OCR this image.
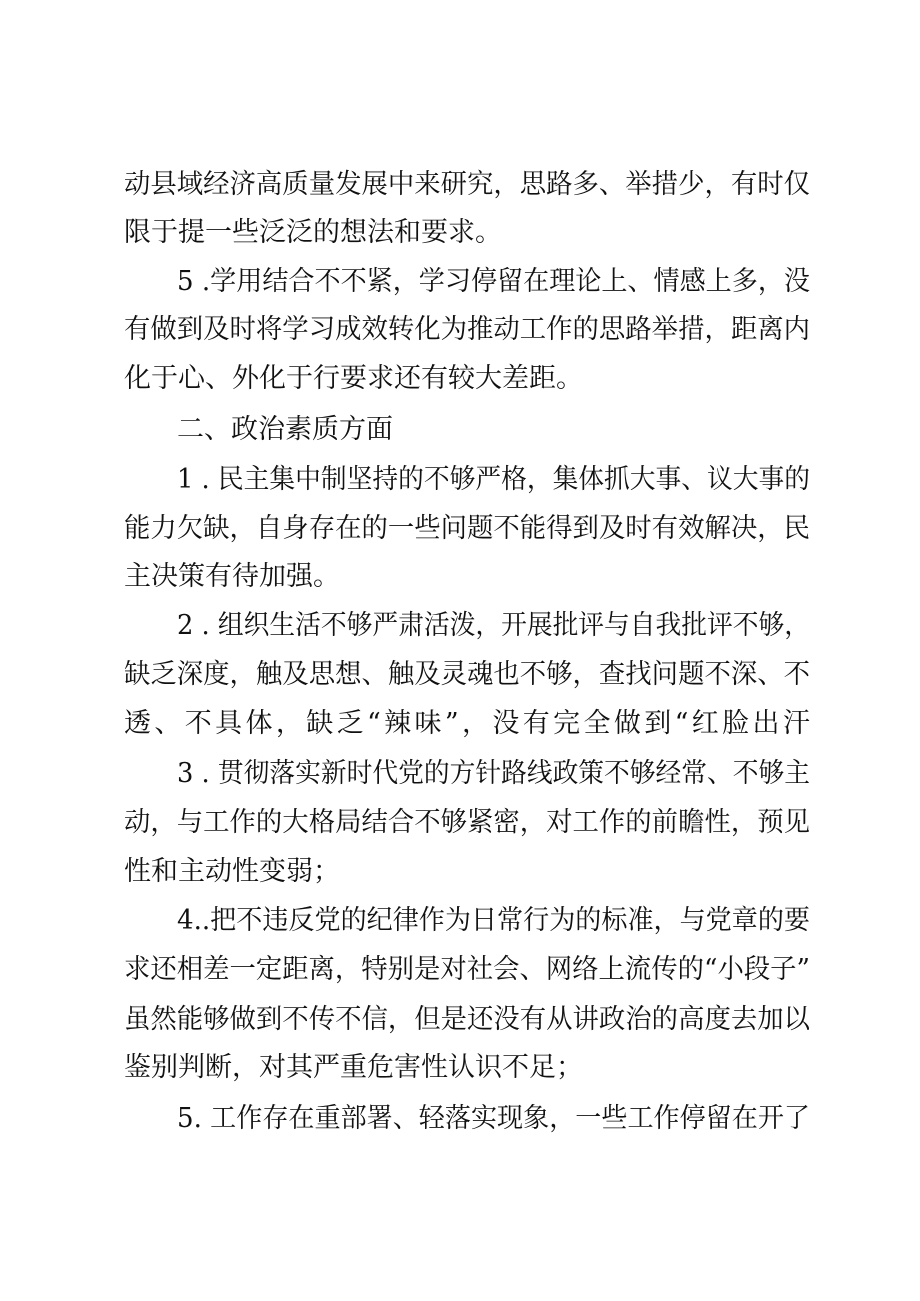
动县域经济高质量发展中来研究，思路多、举措少，有时仅

限于提一些泛泛的想法和要求。

5 .学用结合不不紧，学习停留在理论上、情感上多，没

有做到及时将学习成效转化为推动工作的思路举措，距离内

化于心、外化于行要求还有较大差距。

二、政治素质方面

1 . 民主集中制坚持的不够严格，集体抓大事、议大事的

能力欠缺，自身存在的一些问题不能得到及时有效解决，民

主决策有待加强。

2 . 组织生活不够严肃活泼，开展批评与自我批评不够，

缺乏深度，触及思想、触及灵魂也不够，查找问题不深、不

透、不具体，缺乏“辣味”，没有完全做到“红脸出汗

3 . 贯彻落实新时代党的方针路线政策不够经常、不够主

动，与工作的大格局结合不够紧密，对工作的前瞻性，预见

性和主动性变弱；

4..把不违反党的纪律作为日常行为的标准，与党章的要

求还相差一定距离，特别是对社会、网络上流传的“小段子”

虽然能够做到不传不信，但是还没有从讲政治的高度去加以

鉴别判断，对其严重危害性认识不足；

5. 工作存在重部署、轻落实现象，一些工作停留在开了
